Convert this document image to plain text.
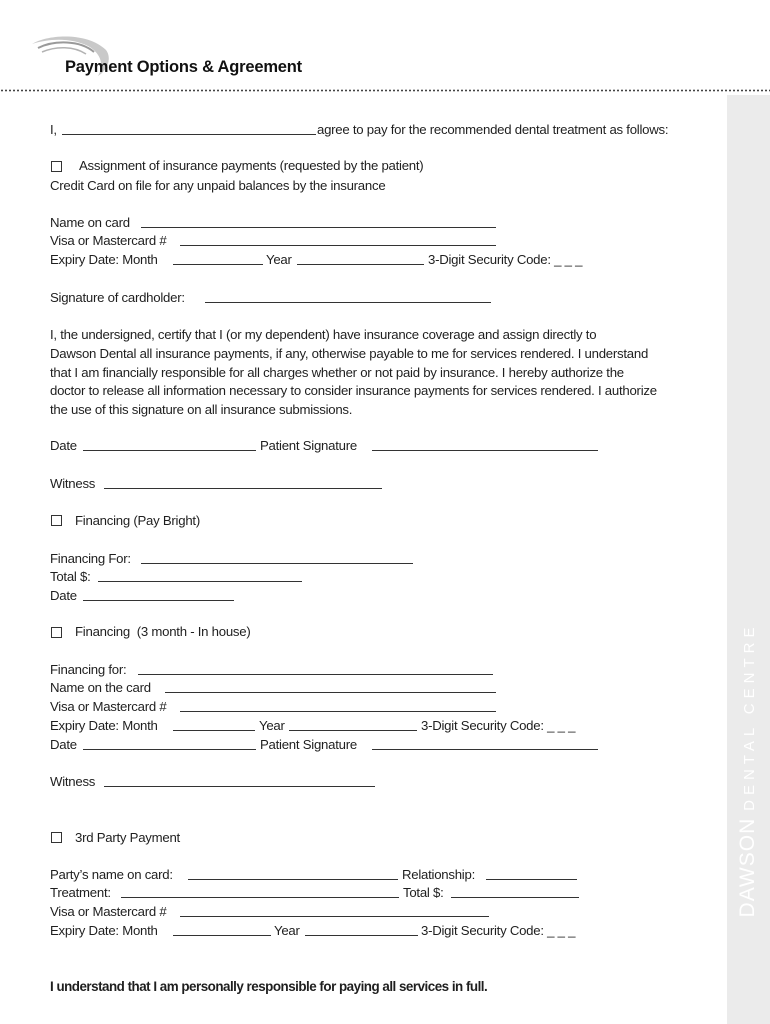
Payment Options & Agreement
DAWSON DENTAL CENTRE
I,	agree to pay for the recommended dental treatment as follows:
Assignment of insurance payments (requested by the patient)
Credit Card on file for any unpaid balances by the insurance
Name on card
Visa or Mastercard #
Expiry Date: Month	Year	3-Digit Security Code: _ _ _
Signature of cardholder:
I, the undersigned, certify that I (or my dependent) have insurance coverage and assign directly to
Dawson Dental all insurance payments, if any, otherwise payable to me for services rendered. I understand
that I am financially responsible for all charges whether or not paid by insurance. I hereby authorize the
doctor to release all information necessary to consider insurance payments for services rendered. I authorize
the use of this signature on all insurance submissions.
Date	Patient Signature
Witness
Financing (Pay Bright)
Financing For:
Total $:
Date
Financing  (3 month - In house)
Financing for:
Name on the card
Visa or Mastercard #
Expiry Date: Month	Year	3-Digit Security Code: _ _ _
Date	Patient Signature
Witness
3rd Party Payment
Party’s name on card:	Relationship:
Treatment:	Total $:
Visa or Mastercard #
Expiry Date: Month	Year	3-Digit Security Code: _ _ _
I understand that I am personally responsible for paying all services in full.
